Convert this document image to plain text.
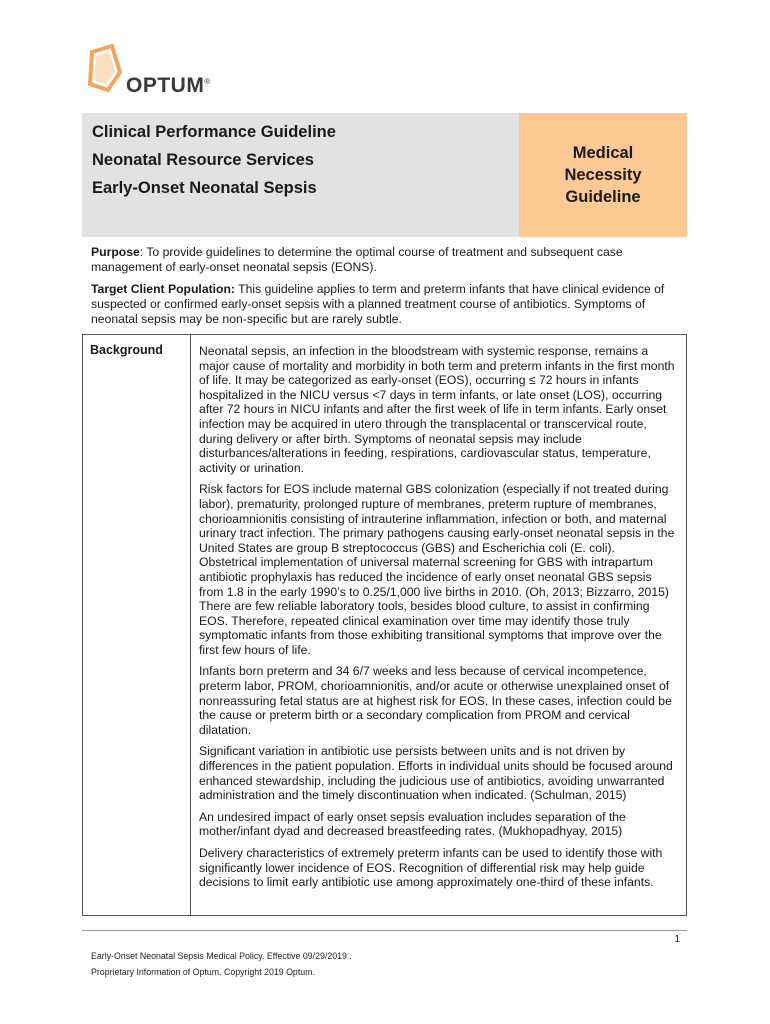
OPTUM®
Clinical Performance Guideline
Neonatal Resource Services
Early-Onset Neonatal Sepsis
Medical
Necessity
Guideline

Purpose: To provide guidelines to determine the optimal course of treatment and subsequent case management of early-onset neonatal sepsis (EONS).

Target Client Population: This guideline applies to term and preterm infants that have clinical evidence of suspected or confirmed early-onset sepsis with a planned treatment course of antibiotics. Symptoms of neonatal sepsis may be non-specific but are rarely subtle.

Background	Neonatal sepsis, an infection in the bloodstream with systemic response, remains a major cause of mortality and morbidity in both term and preterm infants in the first month of life. It may be categorized as early-onset (EOS), occurring ≤ 72 hours in infants hospitalized in the NICU versus <7 days in term infants, or late onset (LOS), occurring after 72 hours in NICU infants and after the first week of life in term infants. Early onset infection may be acquired in utero through the transplacental or transcervical route, during delivery or after birth. Symptoms of neonatal sepsis may include disturbances/alterations in feeding, respirations, cardiovascular status, temperature, activity or urination.

Risk factors for EOS include maternal GBS colonization (especially if not treated during labor), prematurity, prolonged rupture of membranes, preterm rupture of membranes, chorioamnionitis consisting of intrauterine inflammation, infection or both, and maternal urinary tract infection. The primary pathogens causing early-onset neonatal sepsis in the United States are group B streptococcus (GBS) and Escherichia coli (E. coli). Obstetrical implementation of universal maternal screening for GBS with intrapartum antibiotic prophylaxis has reduced the incidence of early onset neonatal GBS sepsis from 1.8 in the early 1990’s to 0.25/1,000 live births in 2010. (Oh, 2013; Bizzarro, 2015) There are few reliable laboratory tools, besides blood culture, to assist in confirming EOS. Therefore, repeated clinical examination over time may identify those truly symptomatic infants from those exhibiting transitional symptoms that improve over the first few hours of life.

Infants born preterm and 34 6/7 weeks and less because of cervical incompetence, preterm labor, PROM, chorioamnionitis, and/or acute or otherwise unexplained onset of nonreassuring fetal status are at highest risk for EOS. In these cases, infection could be the cause or preterm birth or a secondary complication from PROM and cervical dilatation.

Significant variation in antibiotic use persists between units and is not driven by differences in the patient population. Efforts in individual units should be focused around enhanced stewardship, including the judicious use of antibiotics, avoiding unwarranted administration and the timely discontinuation when indicated. (Schulman, 2015)

An undesired impact of early onset sepsis evaluation includes separation of the mother/infant dyad and decreased breastfeeding rates. (Mukhopadhyay, 2015)

Delivery characteristics of extremely preterm infants can be used to identify those with significantly lower incidence of EOS. Recognition of differential risk may help guide decisions to limit early antibiotic use among approximately one-third of these infants.

1
Early-Onset Neonatal Sepsis Medical Policy. Effective 09/29/2019 .
Proprietary Information of Optum. Copyright 2019 Optum.
